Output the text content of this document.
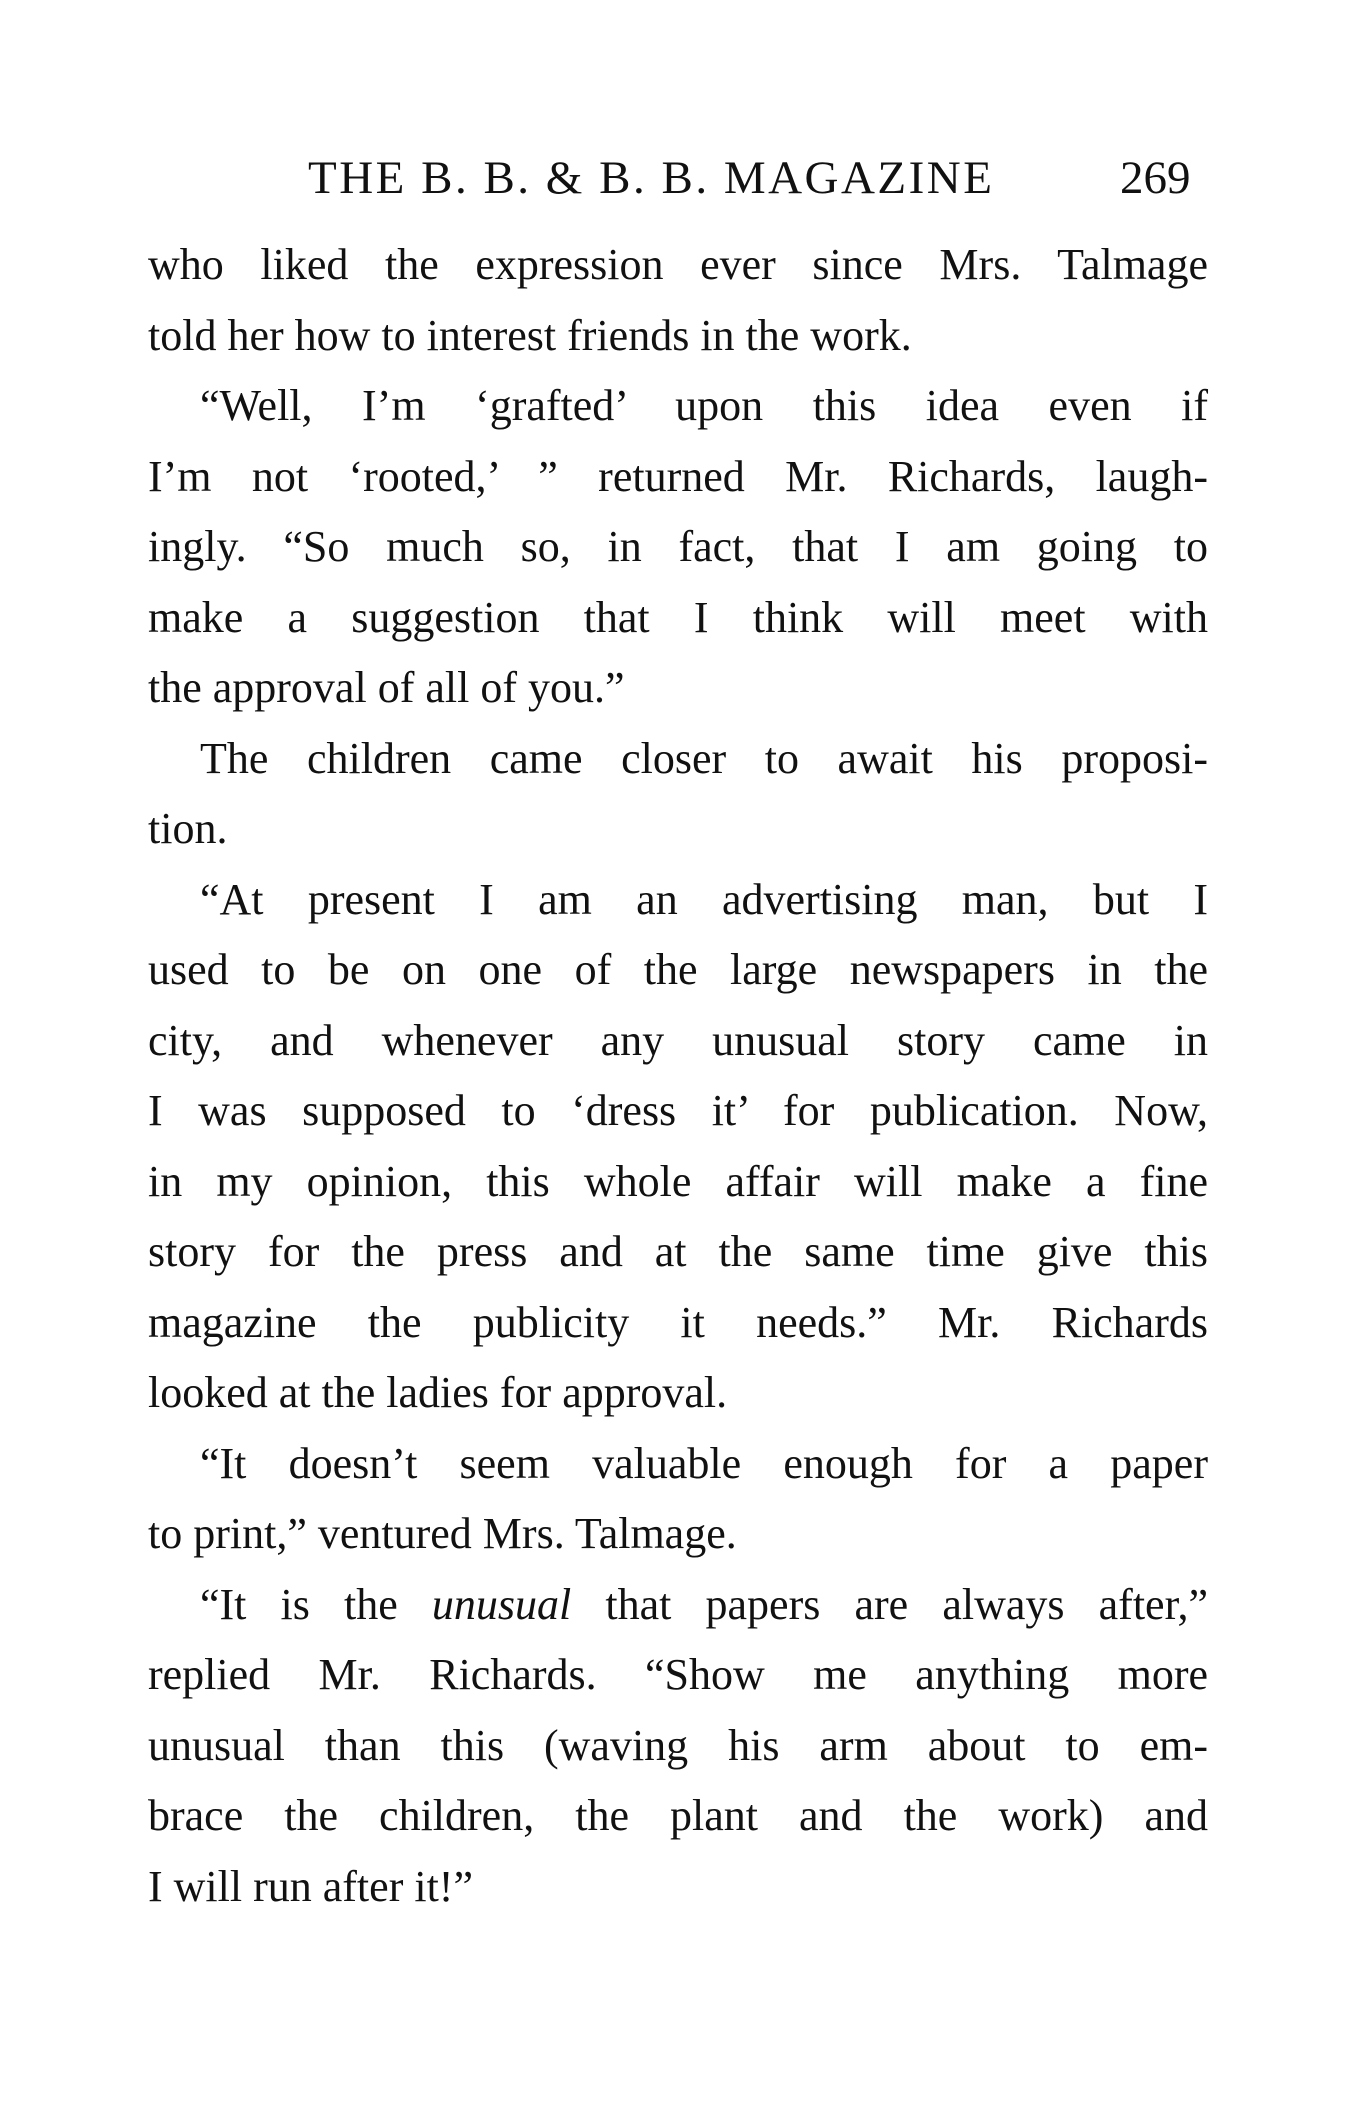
THE B. B. & B. B. MAGAZINE	269
who liked the expression ever since Mrs. Talmage
told her how to interest friends in the work.
“Well, I’m ‘grafted’ upon this idea even if
I’m not ‘rooted,’ ” returned Mr. Richards, laugh-
ingly. “So much so, in fact, that I am going to
make a suggestion that I think will meet with
the approval of all of you.”
The children came closer to await his proposi-
tion.
“At present I am an advertising man, but I
used to be on one of the large newspapers in the
city, and whenever any unusual story came in
I was supposed to ‘dress it’ for publication. Now,
in my opinion, this whole affair will make a fine
story for the press and at the same time give this
magazine the publicity it needs.” Mr. Richards
looked at the ladies for approval.
“It doesn’t seem valuable enough for a paper
to print,” ventured Mrs. Talmage.
“It is the unusual that papers are always after,”
replied Mr. Richards. “Show me anything more
unusual than this (waving his arm about to em-
brace the children, the plant and the work) and
I will run after it!”
